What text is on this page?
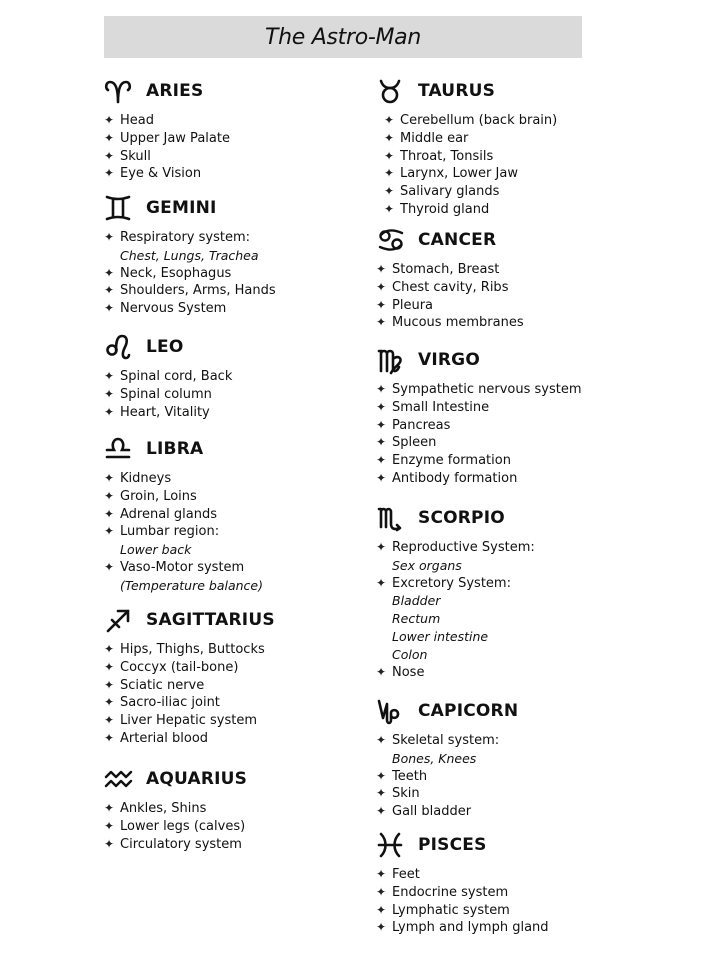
The Astro-Man
ARIES
✦ Head
✦ Upper Jaw Palate
✦ Skull
✦ Eye & Vision
GEMINI
✦ Respiratory system:
Chest, Lungs, Trachea
✦ Neck, Esophagus
✦ Shoulders, Arms, Hands
✦ Nervous System
LEO
✦ Spinal cord, Back
✦ Spinal column
✦ Heart, Vitality
LIBRA
✦ Kidneys
✦ Groin, Loins
✦ Adrenal glands
✦ Lumbar region:
Lower back
✦ Vaso-Motor system
(Temperature balance)
SAGITTARIUS
✦ Hips, Thighs, Buttocks
✦ Coccyx (tail-bone)
✦ Sciatic nerve
✦ Sacro-iliac joint
✦ Liver Hepatic system
✦ Arterial blood
AQUARIUS
✦ Ankles, Shins
✦ Lower legs (calves)
✦ Circulatory system
TAURUS
✦ Cerebellum (back brain)
✦ Middle ear
✦ Throat, Tonsils
✦ Larynx, Lower Jaw
✦ Salivary glands
✦ Thyroid gland
CANCER
✦ Stomach, Breast
✦ Chest cavity, Ribs
✦ Pleura
✦ Mucous membranes
VIRGO
✦ Sympathetic nervous system
✦ Small Intestine
✦ Pancreas
✦ Spleen
✦ Enzyme formation
✦ Antibody formation
SCORPIO
✦ Reproductive System:
Sex organs
✦ Excretory System:
Bladder
Rectum
Lower intestine
Colon
✦ Nose
CAPICORN
✦ Skeletal system:
Bones, Knees
✦ Teeth
✦ Skin
✦ Gall bladder
PISCES
✦ Feet
✦ Endocrine system
✦ Lymphatic system
✦ Lymph and lymph gland
